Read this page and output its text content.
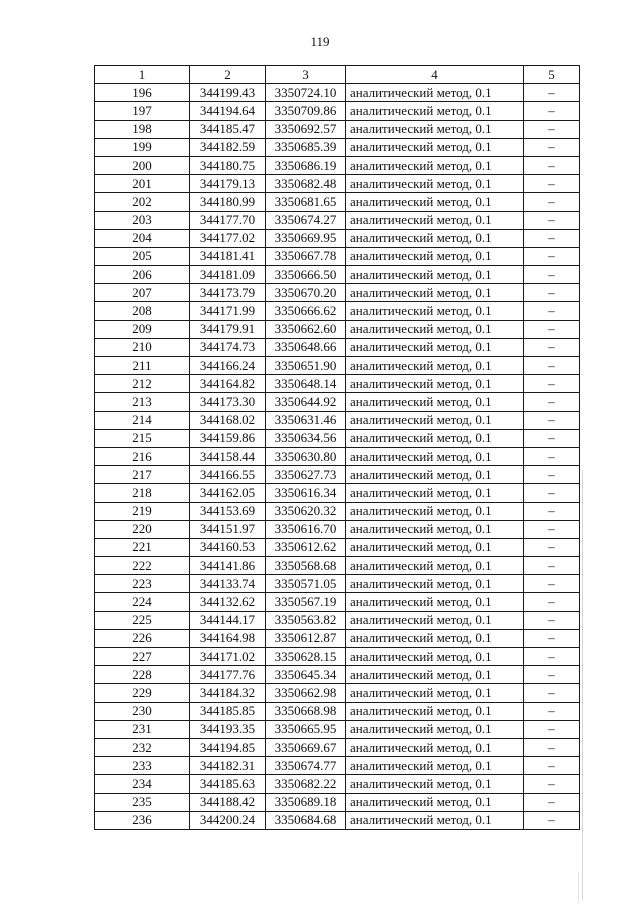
119
1	2	3	4	5
196	344199.43	3350724.10	аналитический метод, 0.1	–
197	344194.64	3350709.86	аналитический метод, 0.1	–
198	344185.47	3350692.57	аналитический метод, 0.1	–
199	344182.59	3350685.39	аналитический метод, 0.1	–
200	344180.75	3350686.19	аналитический метод, 0.1	–
201	344179.13	3350682.48	аналитический метод, 0.1	–
202	344180.99	3350681.65	аналитический метод, 0.1	–
203	344177.70	3350674.27	аналитический метод, 0.1	–
204	344177.02	3350669.95	аналитический метод, 0.1	–
205	344181.41	3350667.78	аналитический метод, 0.1	–
206	344181.09	3350666.50	аналитический метод, 0.1	–
207	344173.79	3350670.20	аналитический метод, 0.1	–
208	344171.99	3350666.62	аналитический метод, 0.1	–
209	344179.91	3350662.60	аналитический метод, 0.1	–
210	344174.73	3350648.66	аналитический метод, 0.1	–
211	344166.24	3350651.90	аналитический метод, 0.1	–
212	344164.82	3350648.14	аналитический метод, 0.1	–
213	344173.30	3350644.92	аналитический метод, 0.1	–
214	344168.02	3350631.46	аналитический метод, 0.1	–
215	344159.86	3350634.56	аналитический метод, 0.1	–
216	344158.44	3350630.80	аналитический метод, 0.1	–
217	344166.55	3350627.73	аналитический метод, 0.1	–
218	344162.05	3350616.34	аналитический метод, 0.1	–
219	344153.69	3350620.32	аналитический метод, 0.1	–
220	344151.97	3350616.70	аналитический метод, 0.1	–
221	344160.53	3350612.62	аналитический метод, 0.1	–
222	344141.86	3350568.68	аналитический метод, 0.1	–
223	344133.74	3350571.05	аналитический метод, 0.1	–
224	344132.62	3350567.19	аналитический метод, 0.1	–
225	344144.17	3350563.82	аналитический метод, 0.1	–
226	344164.98	3350612.87	аналитический метод, 0.1	–
227	344171.02	3350628.15	аналитический метод, 0.1	–
228	344177.76	3350645.34	аналитический метод, 0.1	–
229	344184.32	3350662.98	аналитический метод, 0.1	–
230	344185.85	3350668.98	аналитический метод, 0.1	–
231	344193.35	3350665.95	аналитический метод, 0.1	–
232	344194.85	3350669.67	аналитический метод, 0.1	–
233	344182.31	3350674.77	аналитический метод, 0.1	–
234	344185.63	3350682.22	аналитический метод, 0.1	–
235	344188.42	3350689.18	аналитический метод, 0.1	–
236	344200.24	3350684.68	аналитический метод, 0.1	–
